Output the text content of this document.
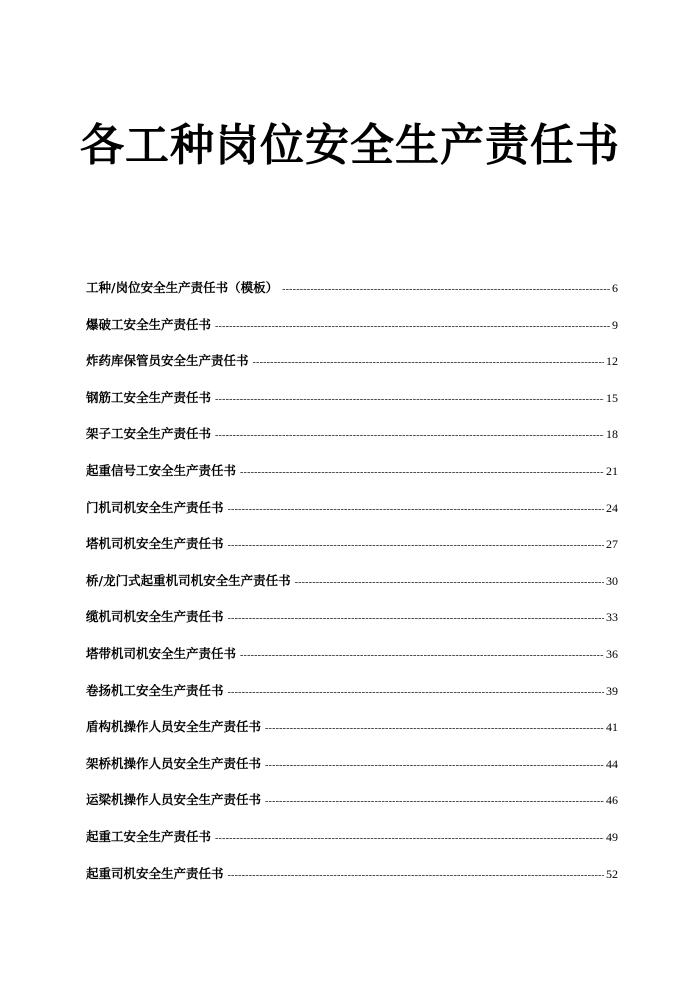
各工种岗位安全生产责任书
工种/岗位安全生产责任书（模板） -----	6
爆破工安全生产责任书 -----	9
炸药库保管员安全生产责任书 -----	12
钢筋工安全生产责任书 -----	15
架子工安全生产责任书 -----	18
起重信号工安全生产责任书 -----	21
门机司机安全生产责任书 -----	24
塔机司机安全生产责任书 -----	27
桥/龙门式起重机司机安全生产责任书 -----	30
缆机司机安全生产责任书 -----	33
塔带机司机安全生产责任书 -----	36
卷扬机工安全生产责任书 -----	39
盾构机操作人员安全生产责任书 -----	41
架桥机操作人员安全生产责任书 -----	44
运梁机操作人员安全生产责任书 -----	46
起重工安全生产责任书 -----	49
起重司机安全生产责任书 -----	52
